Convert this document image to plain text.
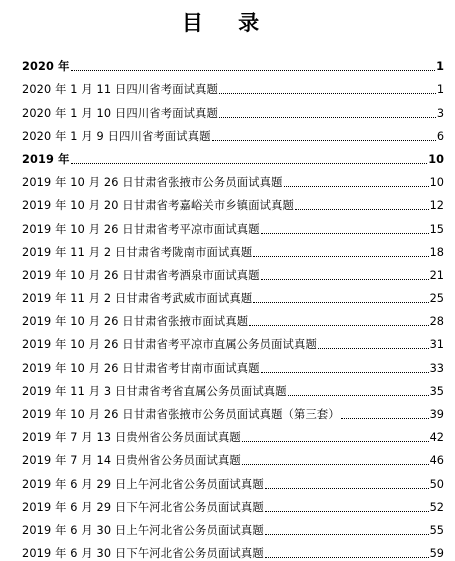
目 录
2020 年	1
2020 年 1 月 11 日四川省考面试真题	1
2020 年 1 月 10 日四川省考面试真题	3
2020 年 1 月 9 日四川省考面试真题	6
2019 年	10
2019 年 10 月 26 日甘肃省张掖市公务员面试真题	10
2019 年 10 月 20 日甘肃省考嘉峪关市乡镇面试真题	12
2019 年 10 月 26 日甘肃省考平凉市面试真题	15
2019 年 11 月 2 日甘肃省考陇南市面试真题	18
2019 年 10 月 26 日甘肃省考酒泉市面试真题	21
2019 年 11 月 2 日甘肃省考武威市面试真题	25
2019 年 10 月 26 日甘肃省张掖市面试真题	28
2019 年 10 月 26 日甘肃省考平凉市直属公务员面试真题	31
2019 年 10 月 26 日甘肃省考甘南市面试真题	33
2019 年 11 月 3 日甘肃省考省直属公务员面试真题	35
2019 年 10 月 26 日甘肃省张掖市公务员面试真题（第三套）	39
2019 年 7 月 13 日贵州省公务员面试真题	42
2019 年 7 月 14 日贵州省公务员面试真题	46
2019 年 6 月 29 日上午河北省公务员面试真题	50
2019 年 6 月 29 日下午河北省公务员面试真题	52
2019 年 6 月 30 日上午河北省公务员面试真题	55
2019 年 6 月 30 日下午河北省公务员面试真题	59
